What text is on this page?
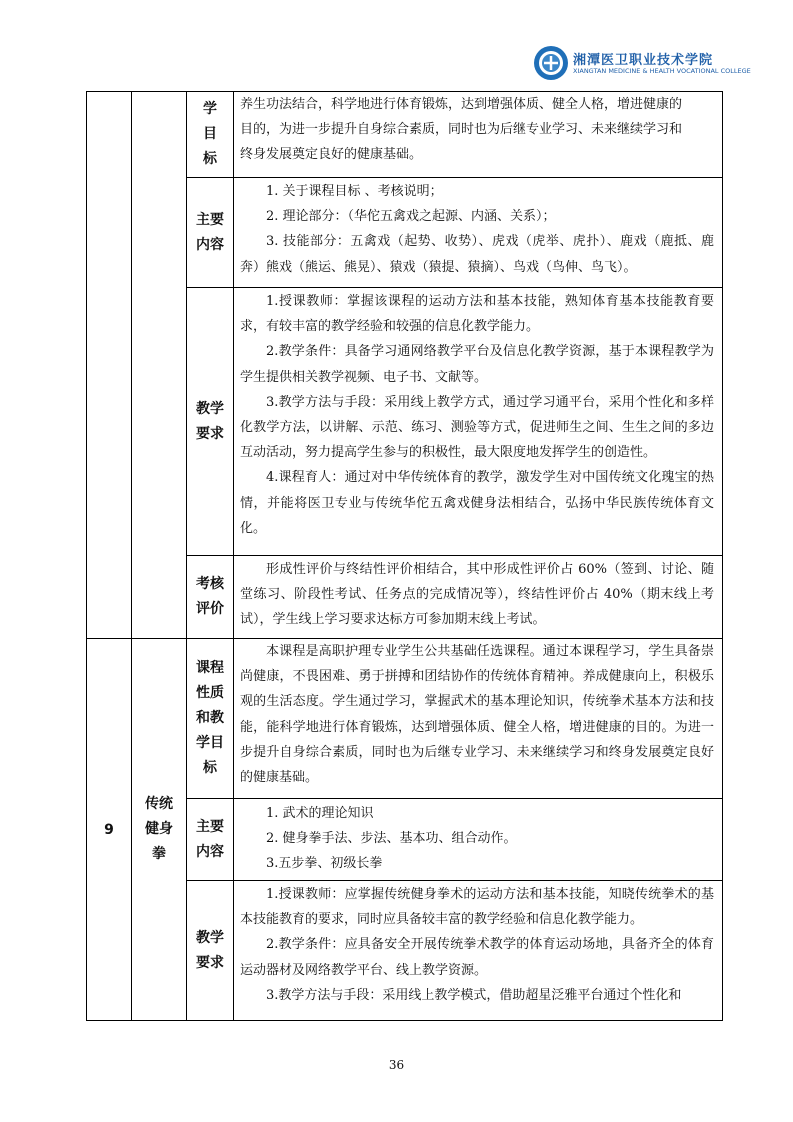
湘潭医卫职业技术学院
XIANGTAN MEDICINE & HEALTH VOCATIONAL COLLEGE

		学目标	养生功法结合，科学地进行体育锻炼，达到增强体质、健全人格，增进健康的

目的，为进一步提升自身综合素质，同时也为后继专业学习、未来继续学习和

终身发展奠定良好的健康基础。

		主要内容	1. 关于课程目标 、考核说明；

2. 理论部分：（华佗五禽戏之起源、内涵、关系）；

3. 技能部分：五禽戏（起势、收势）、虎戏（虎举、虎扑）、鹿戏（鹿抵、鹿奔）熊戏（熊运、熊晃）、猿戏（猿提、猿摘）、鸟戏（鸟伸、鸟飞）。

		教学要求	1.授课教师：掌握该课程的运动方法和基本技能，熟知体育基本技能教育要求，有较丰富的教学经验和较强的信息化教学能力。

2.教学条件：具备学习通网络教学平台及信息化教学资源，基于本课程教学为学生提供相关教学视频、电子书、文献等。

3.教学方法与手段：采用线上教学方式，通过学习通平台，采用个性化和多样化教学方法，以讲解、示范、练习、测验等方式，促进师生之间、生生之间的多边互动活动，努力提高学生参与的积极性，最大限度地发挥学生的创造性。

4.课程育人：通过对中华传统体育的教学，激发学生对中国传统文化瑰宝的热情，并能将医卫专业与传统华佗五禽戏健身法相结合，弘扬中华民族传统体育文化。

		考核评价	形成性评价与终结性评价相结合，其中形成性评价占 60%（签到、讨论、随堂练习、阶段性考试、任务点的完成情况等），终结性评价占 40%（期末线上考试），学生线上学习要求达标方可参加期末线上考试。

9	传统健身拳	课程性质和教学目标	本课程是高职护理专业学生公共基础任选课程。通过本课程学习，学生具备崇尚健康，不畏困难、勇于拼搏和团结协作的传统体育精神。养成健康向上，积极乐观的生活态度。学生通过学习，掌握武术的基本理论知识，传统拳术基本方法和技能，能科学地进行体育锻炼，达到增强体质、健全人格，增进健康的目的。为进一步提升自身综合素质，同时也为后继专业学习、未来继续学习和终身发展奠定良好的健康基础。

		主要内容	1. 武术的理论知识

2. 健身拳手法、步法、基本功、组合动作。

3.五步拳、初级长拳

		教学要求	1.授课教师：应掌握传统健身拳术的运动方法和基本技能，知晓传统拳术的基本技能教育的要求，同时应具备较丰富的教学经验和信息化教学能力。

2.教学条件：应具备安全开展传统拳术教学的体育运动场地，具备齐全的体育运动器材及网络教学平台、线上教学资源。

3.教学方法与手段：采用线上教学模式，借助超星泛雅平台通过个性化和

36
